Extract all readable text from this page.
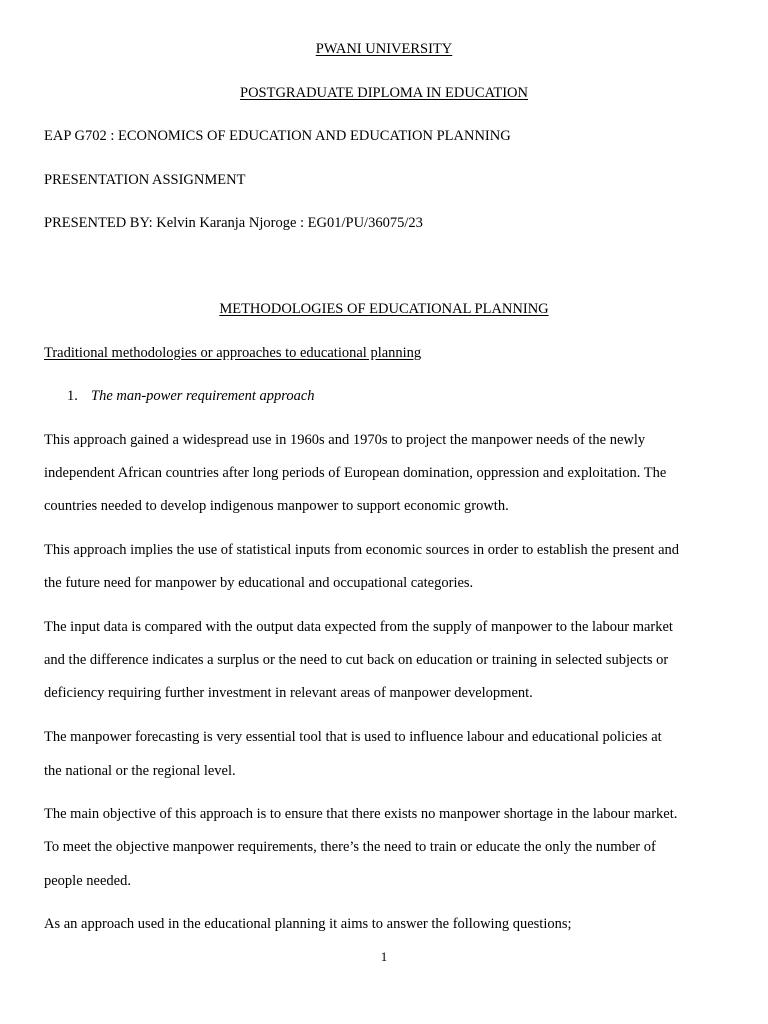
PWANI UNIVERSITY
POSTGRADUATE DIPLOMA IN EDUCATION
EAP G702 : ECONOMICS OF EDUCATION AND EDUCATION PLANNING
PRESENTATION ASSIGNMENT
PRESENTED BY: Kelvin Karanja Njoroge : EG01/PU/36075/23
METHODOLOGIES OF EDUCATIONAL PLANNING
Traditional methodologies or approaches to educational planning
1. The man-power requirement approach
This approach gained a widespread use in 1960s and 1970s to project the manpower needs of the newly
independent African countries after long periods of European domination, oppression and exploitation. The
countries needed to develop indigenous manpower to support economic growth.
This approach implies the use of statistical inputs from economic sources in order to establish the present and
the future need for manpower by educational and occupational categories.
The input data is compared with the output data expected from the supply of manpower to the labour market
and the difference indicates a surplus or the need to cut back on education or training in selected subjects or
deficiency requiring further investment in relevant areas of manpower development.
The manpower forecasting is very essential tool that is used to influence labour and educational policies at
the national or the regional level.
The main objective of this approach is to ensure that there exists no manpower shortage in the labour market.
To meet the objective manpower requirements, there’s the need to train or educate the only the number of
people needed.
As an approach used in the educational planning it aims to answer the following questions;
1
